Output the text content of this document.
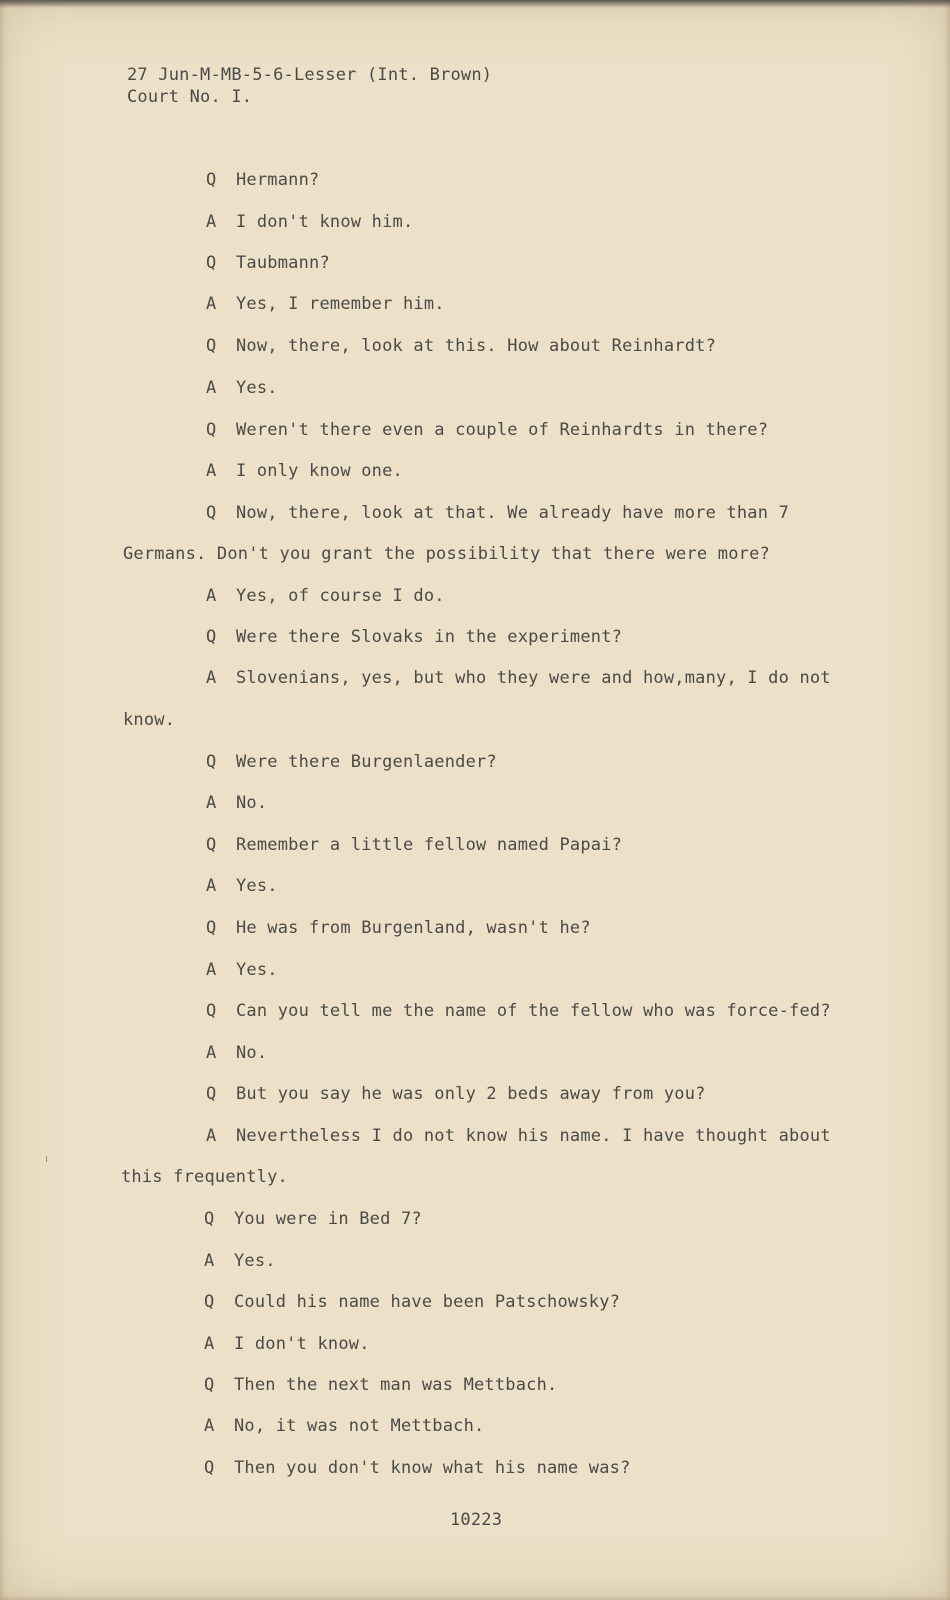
27 Jun-M-MB-5-6-Lesser (Int. Brown)
Court No. I.
Q Hermann?
A I don't know him.
Q Taubmann?
A Yes, I remember him.
Q Now, there, look at this. How about Reinhardt?
A Yes.
Q Weren't there even a couple of Reinhardts in there?
A I only know one.
Q Now, there, look at that. We already have more than 7
Germans. Don't you grant the possibility that there were more?
A Yes, of course I do.
Q Were there Slovaks in the experiment?
A Slovenians, yes, but who they were and how,many, I do not
know.
Q Were there Burgenlaender?
A No.
Q Remember a little fellow named Papai?
A Yes.
Q He was from Burgenland, wasn't he?
A Yes.
Q Can you tell me the name of the fellow who was force-fed?
A No.
Q But you say he was only 2 beds away from you?
A Nevertheless I do not know his name. I have thought about
this frequently.
Q You were in Bed 7?
A Yes.
Q Could his name have been Patschowsky?
A I don't know.
Q Then the next man was Mettbach.
A No, it was not Mettbach.
Q Then you don't know what his name was?
10223
